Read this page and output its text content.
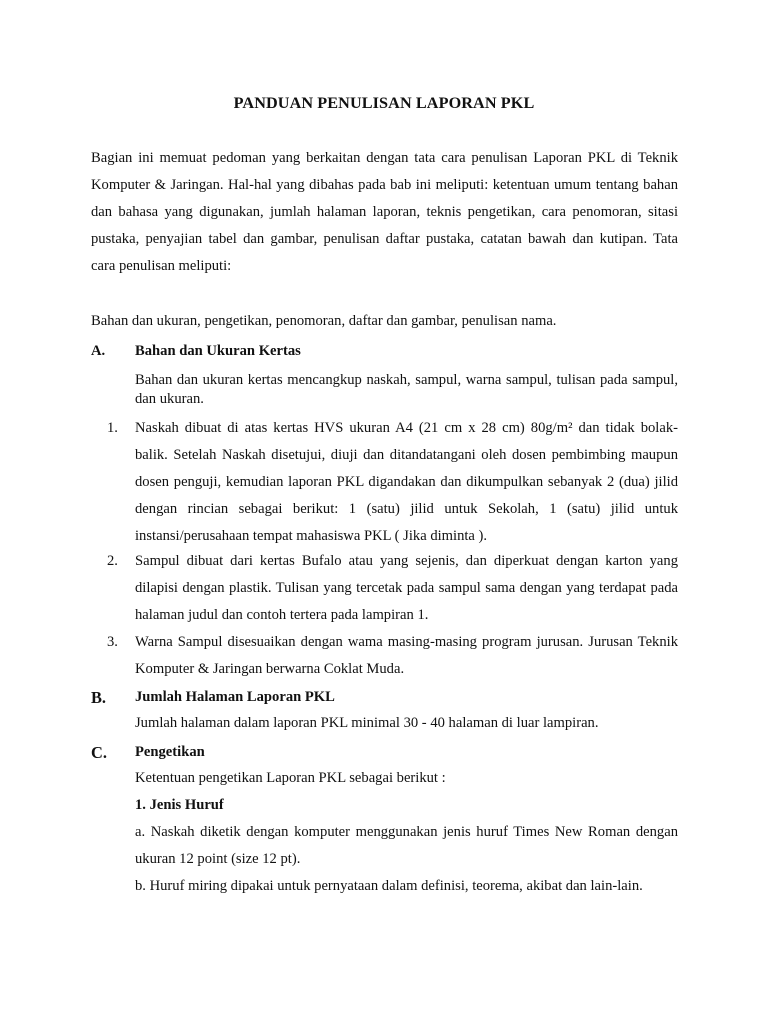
PANDUAN PENULISAN LAPORAN PKL
Bagian ini memuat pedoman yang berkaitan dengan tata cara penulisan Laporan PKL di Teknik
Komputer & Jaringan. Hal-hal yang dibahas pada bab ini meliputi: ketentuan umum tentang bahan
dan bahasa yang digunakan, jumlah halaman laporan, teknis pengetikan, cara penomoran, sitasi
pustaka, penyajian tabel dan gambar, penulisan daftar pustaka, catatan bawah dan kutipan. Tata
cara penulisan meliputi:
Bahan dan ukuran, pengetikan, penomoran, daftar dan gambar, penulisan nama.
A. Bahan dan Ukuran Kertas
Bahan dan ukuran kertas mencangkup naskah, sampul, warna sampul, tulisan pada sampul,
dan ukuran.
1. Naskah dibuat di atas kertas HVS ukuran A4 (21 cm x 28 cm) 80g/m² dan tidak bolak-
balik. Setelah Naskah disetujui, diuji dan ditandatangani oleh dosen pembimbing maupun
dosen penguji, kemudian laporan PKL digandakan dan dikumpulkan sebanyak 2 (dua) jilid
dengan rincian sebagai berikut: 1 (satu) jilid untuk Sekolah, 1 (satu) jilid untuk
instansi/perusahaan tempat mahasiswa PKL ( Jika diminta ).
2. Sampul dibuat dari kertas Bufalo atau yang sejenis, dan diperkuat dengan karton yang
dilapisi dengan plastik. Tulisan yang tercetak pada sampul sama dengan yang terdapat pada
halaman judul dan contoh tertera pada lampiran 1.
3. Warna Sampul disesuaikan dengan wama masing-masing program jurusan. Jurusan Teknik
Komputer & Jaringan berwarna Coklat Muda.
B. Jumlah Halaman Laporan PKL
Jumlah halaman dalam laporan PKL minimal 30 - 40 halaman di luar lampiran.
C. Pengetikan
Ketentuan pengetikan Laporan PKL sebagai berikut :
1. Jenis Huruf
a. Naskah diketik dengan komputer menggunakan jenis huruf Times New Roman dengan
ukuran 12 point (size 12 pt).
b. Huruf miring dipakai untuk pernyataan dalam definisi, teorema, akibat dan lain-lain.
